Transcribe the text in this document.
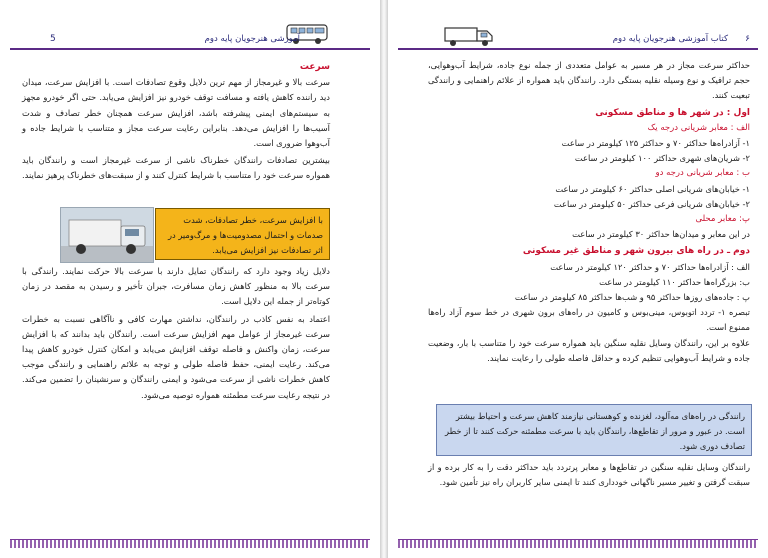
آموزشی هنرجویان پایه دوم
5

سرعت

سرعت بالا و غیرمجاز از مهم ترین دلایل وقوع تصادفات است. با افزایش سرعت، میدان دید راننده کاهش یافته و مسافت توقف خودرو نیز افزایش می‌یابد. حتی اگر خودرو مجهز به سیستم‌های ایمنی پیشرفته باشد، افزایش سرعت همچنان خطر تصادف و شدت آسیب‌ها را افزایش می‌دهد. بنابراین رعایت سرعت مجاز و متناسب با شرایط جاده و آب‌وهوا ضروری است.

بیشترین تصادفات رانندگان خطرناک ناشی از سرعت غیرمجاز است و رانندگان باید همواره سرعت خود را متناسب با شرایط کنترل کنند و از سبقت‌های خطرناک پرهیز نمایند.

با افزایش سرعت، خطر تصادفات، شدت صدمات و احتمال مصدومیت‌ها و مرگ‌ومیر در اثر تصادفات نیز افزایش می‌یابد.

دلایل زیاد وجود دارد که رانندگان تمایل دارند با سرعت بالا حرکت نمایند. رانندگی با سرعت بالا به منظور کاهش زمان مسافرت، جبران تأخیر و رسیدن به مقصد در زمان کوتاه‌تر از جمله این دلایل است.

اعتماد به نفس کاذب در رانندگان، نداشتن مهارت کافی و ناآگاهی نسبت به خطرات سرعت غیرمجاز از عوامل مهم افزایش سرعت است. رانندگان باید بدانند که با افزایش سرعت، زمان واکنش و فاصله توقف افزایش می‌یابد و امکان کنترل خودرو کاهش پیدا می‌کند. رعایت ایمنی، حفظ فاصله طولی و توجه به علائم راهنمایی و رانندگی موجب کاهش خطرات ناشی از سرعت می‌شود و ایمنی رانندگان و سرنشینان را تضمین می‌کند. در نتیجه رعایت سرعت مطمئنه همواره توصیه می‌شود.

۶
کتاب آموزشی هنرجویان پایه دوم

حداکثر سرعت مجاز در هر مسیر به عوامل متعددی از جمله نوع جاده، شرایط آب‌وهوایی، حجم ترافیک و نوع وسیله نقلیه بستگی دارد. رانندگان باید همواره از علائم راهنمایی و رانندگی تبعیت کنند.

اول : در شهر ها و مناطق مسکونی

الف : معابر شریانی درجه یک

۱- آزادراه‌ها حداکثر ۷۰ و حداکثر ۱۲۵ کیلومتر در ساعت

۲- شریان‌های شهری حداکثر ۱۰۰ کیلومتر در ساعت

ب : معابر شریانی درجه دو

۱- خیابان‌های شریانی اصلی حداکثر ۶۰ کیلومتر در ساعت

۲- خیابان‌های شریانی فرعی حداکثر ۵۰ کیلومتر در ساعت

پ: معابر محلی

در این معابر و میدان‌ها حداکثر ۳۰ کیلومتر در ساعت

دوم ـ در راه های بیرون شهر و مناطق غیر مسکونی

الف : آزادراه‌ها حداکثر ۷۰ و حداکثر ۱۲۰ کیلومتر در ساعت

ب: بزرگراه‌ها حداکثر ۱۱۰ کیلومتر در ساعت

پ : جاده‌های روزها حداکثر ۹۵ و شب‌ها حداکثر ۸۵ کیلومتر در ساعت

تبصره ۱- تردد اتوبوس، مینی‌بوس و کامیون در راه‌های برون شهری در خط سوم آزاد راه‌ها ممنوع است.

علاوه بر این، رانندگان وسایل نقلیه سنگین باید همواره سرعت خود را متناسب با بار، وضعیت جاده و شرایط آب‌وهوایی تنظیم کرده و حداقل فاصله طولی را رعایت نمایند.

رانندگی در راه‌های مه‌آلود، لغزنده و کوهستانی نیازمند کاهش سرعت و احتیاط بیشتر است. در عبور و مرور از تقاطع‌ها، رانندگان باید با سرعت مطمئنه حرکت کنند تا از خطر تصادف دوری شود.

رانندگان وسایل نقلیه سنگین در تقاطع‌ها و معابر پرتردد باید حداکثر دقت را به کار برده و از سبقت گرفتن و تغییر مسیر ناگهانی خودداری کنند تا ایمنی سایر کاربران راه نیز تأمین شود.
